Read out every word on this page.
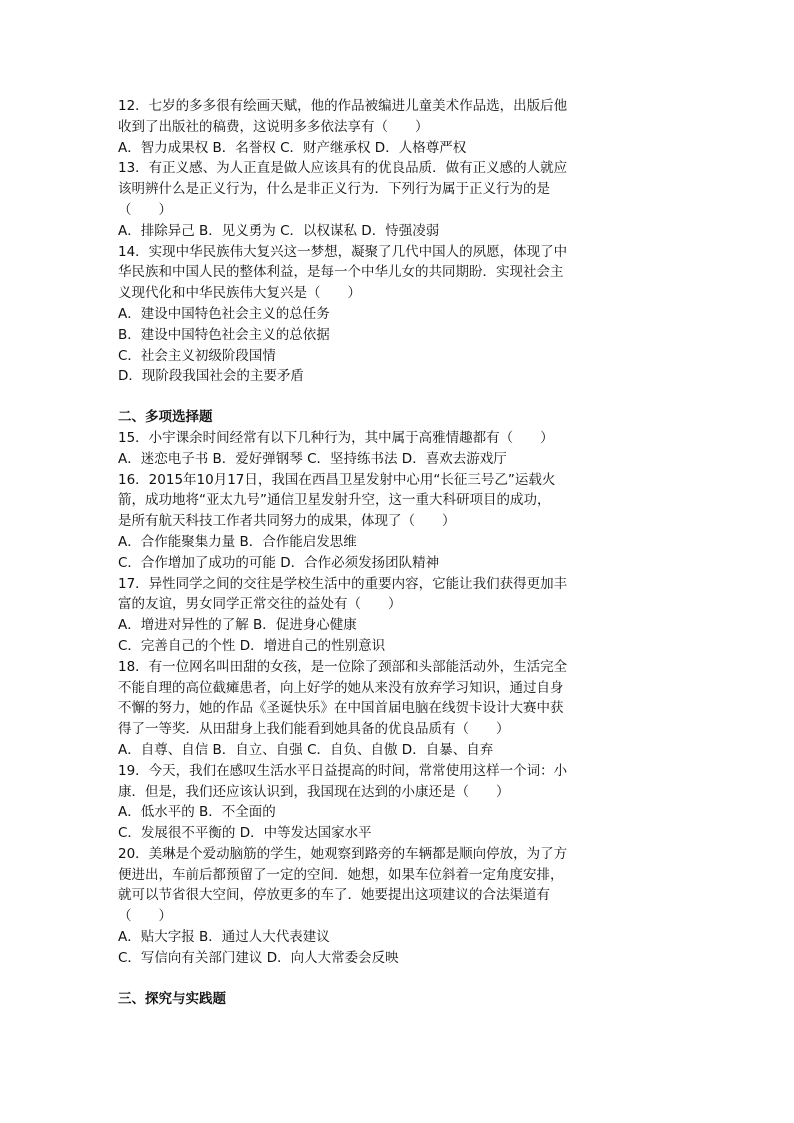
12．七岁的多多很有绘画天赋，他的作品被编进儿童美术作品选，出版后他
收到了出版社的稿费，这说明多多依法享有（　　）
A．智力成果权 B．名誉权 C．财产继承权 D．人格尊严权
13．有正义感、为人正直是做人应该具有的优良品质．做有正义感的人就应
该明辨什么是正义行为，什么是非正义行为．下列行为属于正义行为的是
（　　）
A．排除异己 B．见义勇为 C．以权谋私 D．恃强凌弱
14．实现中华民族伟大复兴这一梦想，凝聚了几代中国人的夙愿，体现了中
华民族和中国人民的整体利益，是每一个中华儿女的共同期盼．实现社会主
义现代化和中华民族伟大复兴是（　　）
A．建设中国特色社会主义的总任务
B．建设中国特色社会主义的总依据
C．社会主义初级阶段国情
D．现阶段我国社会的主要矛盾
二、多项选择题
15．小宇课余时间经常有以下几种行为，其中属于高雅情趣都有（　　）
A．迷恋电子书 B．爱好弹钢琴 C．坚持练书法 D．喜欢去游戏厅
16．2015年10月17日，我国在西昌卫星发射中心用“长征三号乙”运载火
箭，成功地将“亚太九号”通信卫星发射升空，这一重大科研项目的成功，
是所有航天科技工作者共同努力的成果，体现了（　　）
A．合作能聚集力量 B．合作能启发思维
C．合作增加了成功的可能 D．合作必须发扬团队精神
17．异性同学之间的交往是学校生活中的重要内容，它能让我们获得更加丰
富的友谊，男女同学正常交往的益处有（　　）
A．增进对异性的了解 B．促进身心健康
C．完善自己的个性 D．增进自己的性别意识
18．有一位网名叫田甜的女孩，是一位除了颈部和头部能活动外，生活完全
不能自理的高位截瘫患者，向上好学的她从来没有放弃学习知识，通过自身
不懈的努力，她的作品《圣诞快乐》在中国首届电脑在线贺卡设计大赛中获
得了一等奖．从田甜身上我们能看到她具备的优良品质有（　　）
A．自尊、自信 B．自立、自强 C．自负、自傲 D．自暴、自弃
19．今天，我们在感叹生活水平日益提高的时间，常常使用这样一个词：小
康．但是，我们还应该认识到，我国现在达到的小康还是（　　）
A．低水平的 B．不全面的
C．发展很不平衡的 D．中等发达国家水平
20．美琳是个爱动脑筋的学生，她观察到路旁的车辆都是顺向停放，为了方
便进出，车前后都预留了一定的空间．她想，如果车位斜着一定角度安排，
就可以节省很大空间，停放更多的车了．她要提出这项建议的合法渠道有
（　　）
A．贴大字报 B．通过人大代表建议
C．写信向有关部门建议 D．向人大常委会反映
三、探究与实践题
